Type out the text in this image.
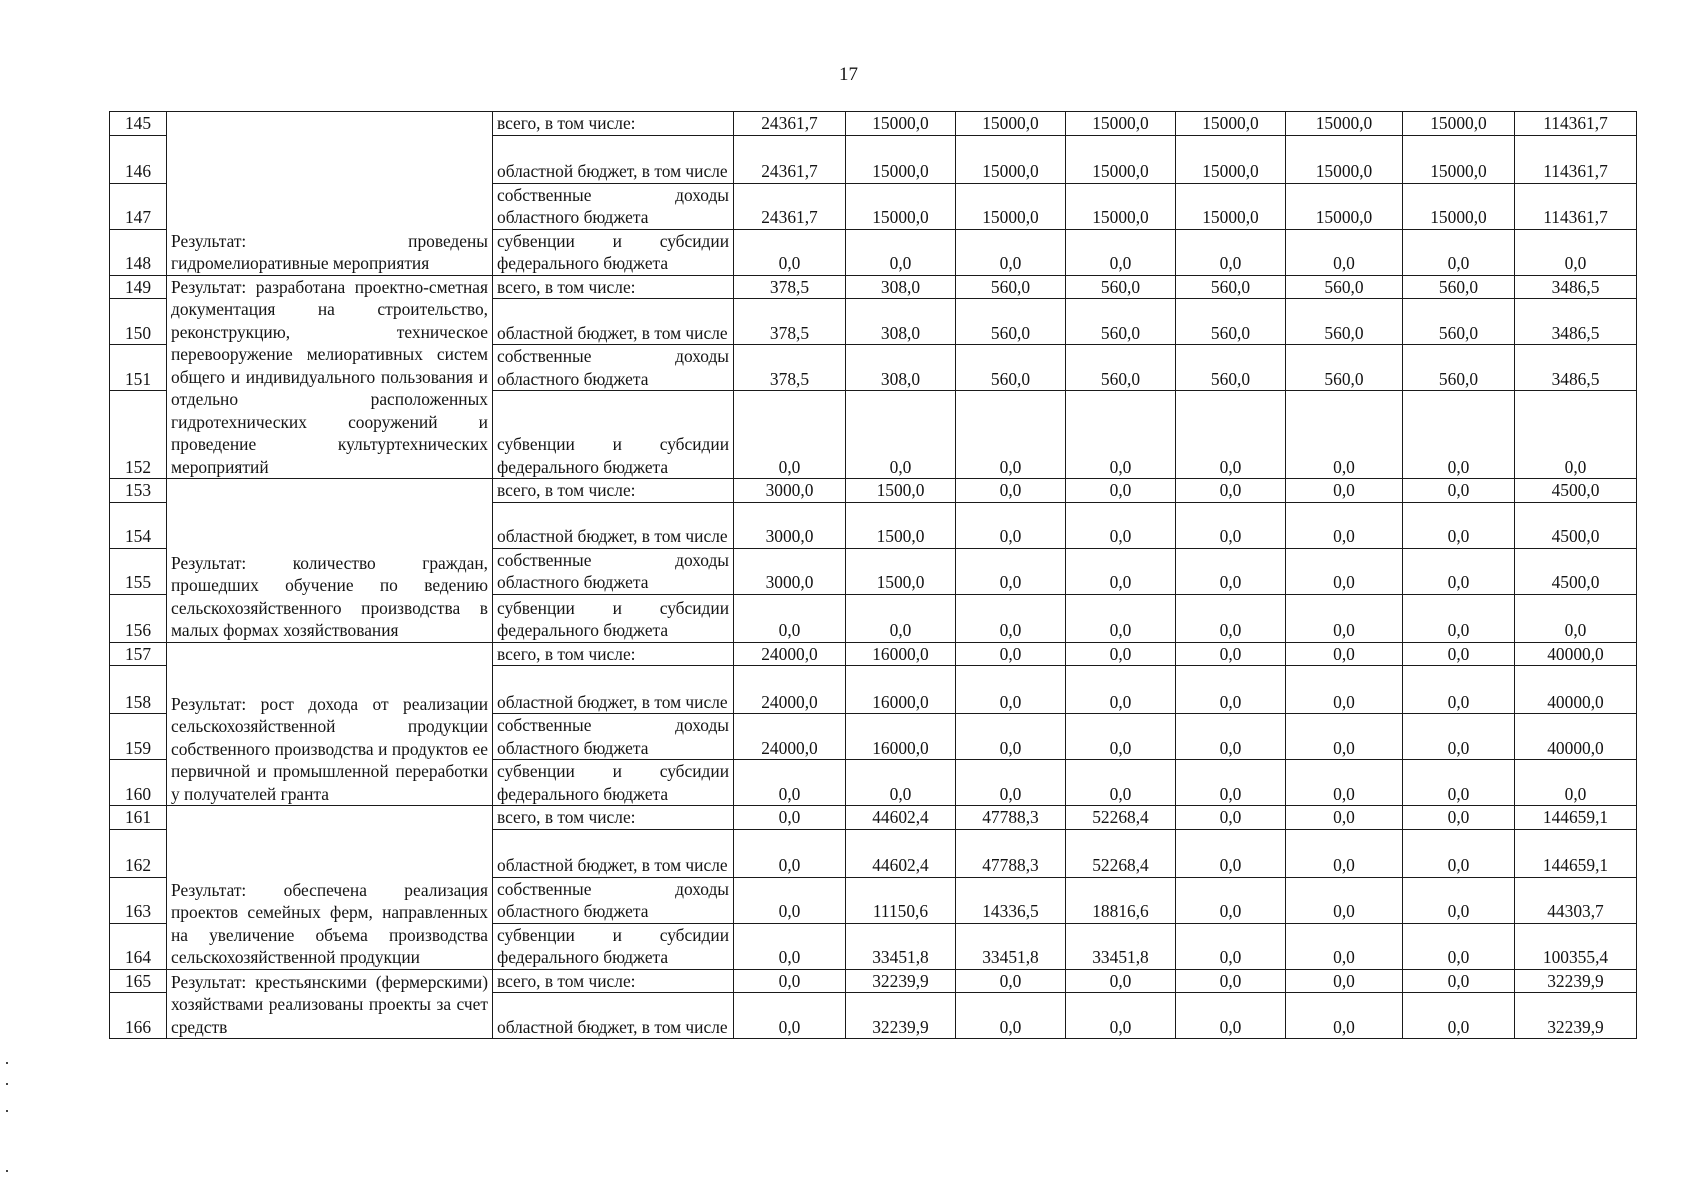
17
145	Результат: проведены гидромелиоративные мероприятия	всего, в том числе:	24361,7	15000,0	15000,0	15000,0	15000,0	15000,0	15000,0	114361,7
146		областной бюджет, в том числе	24361,7	15000,0	15000,0	15000,0	15000,0	15000,0	15000,0	114361,7
147		собственные доходы областного бюджета	24361,7	15000,0	15000,0	15000,0	15000,0	15000,0	15000,0	114361,7
148		субвенции и субсидии федерального бюджета	0,0	0,0	0,0	0,0	0,0	0,0	0,0	0,0
149	Результат: разработана проектно-сметная документация на строительство, реконструкцию, техническое перевооружение мелиоративных систем общего и индивидуального пользования и отдельно расположенных гидротехнических сооружений и проведение культуртехнических мероприятий	всего, в том числе:	378,5	308,0	560,0	560,0	560,0	560,0	560,0	3486,5
150		областной бюджет, в том числе	378,5	308,0	560,0	560,0	560,0	560,0	560,0	3486,5
151		собственные доходы областного бюджета	378,5	308,0	560,0	560,0	560,0	560,0	560,0	3486,5
152		субвенции и субсидии федерального бюджета	0,0	0,0	0,0	0,0	0,0	0,0	0,0	0,0
153	Результат: количество граждан, прошедших обучение по ведению сельскохозяйственного производства в малых формах хозяйствования	всего, в том числе:	3000,0	1500,0	0,0	0,0	0,0	0,0	0,0	4500,0
154		областной бюджет, в том числе	3000,0	1500,0	0,0	0,0	0,0	0,0	0,0	4500,0
155		собственные доходы областного бюджета	3000,0	1500,0	0,0	0,0	0,0	0,0	0,0	4500,0
156		субвенции и субсидии федерального бюджета	0,0	0,0	0,0	0,0	0,0	0,0	0,0	0,0
157	Результат: рост дохода от реализации сельскохозяйственной продукции собственного производства и продуктов ее первичной и промышленной переработки у получателей гранта	всего, в том числе:	24000,0	16000,0	0,0	0,0	0,0	0,0	0,0	40000,0
158		областной бюджет, в том числе	24000,0	16000,0	0,0	0,0	0,0	0,0	0,0	40000,0
159		собственные доходы областного бюджета	24000,0	16000,0	0,0	0,0	0,0	0,0	0,0	40000,0
160		субвенции и субсидии федерального бюджета	0,0	0,0	0,0	0,0	0,0	0,0	0,0	0,0
161	Результат: обеспечена реализация проектов семейных ферм, направленных на увеличение объема производства сельскохозяйственной продукции	всего, в том числе:	0,0	44602,4	47788,3	52268,4	0,0	0,0	0,0	144659,1
162		областной бюджет, в том числе	0,0	44602,4	47788,3	52268,4	0,0	0,0	0,0	144659,1
163		собственные доходы областного бюджета	0,0	11150,6	14336,5	18816,6	0,0	0,0	0,0	44303,7
164		субвенции и субсидии федерального бюджета	0,0	33451,8	33451,8	33451,8	0,0	0,0	0,0	100355,4
165	Результат: крестьянскими (фермерскими) хозяйствами реализованы проекты за счет средств	всего, в том числе:	0,0	32239,9	0,0	0,0	0,0	0,0	0,0	32239,9
166		областной бюджет, в том числе	0,0	32239,9	0,0	0,0	0,0	0,0	0,0	32239,9
